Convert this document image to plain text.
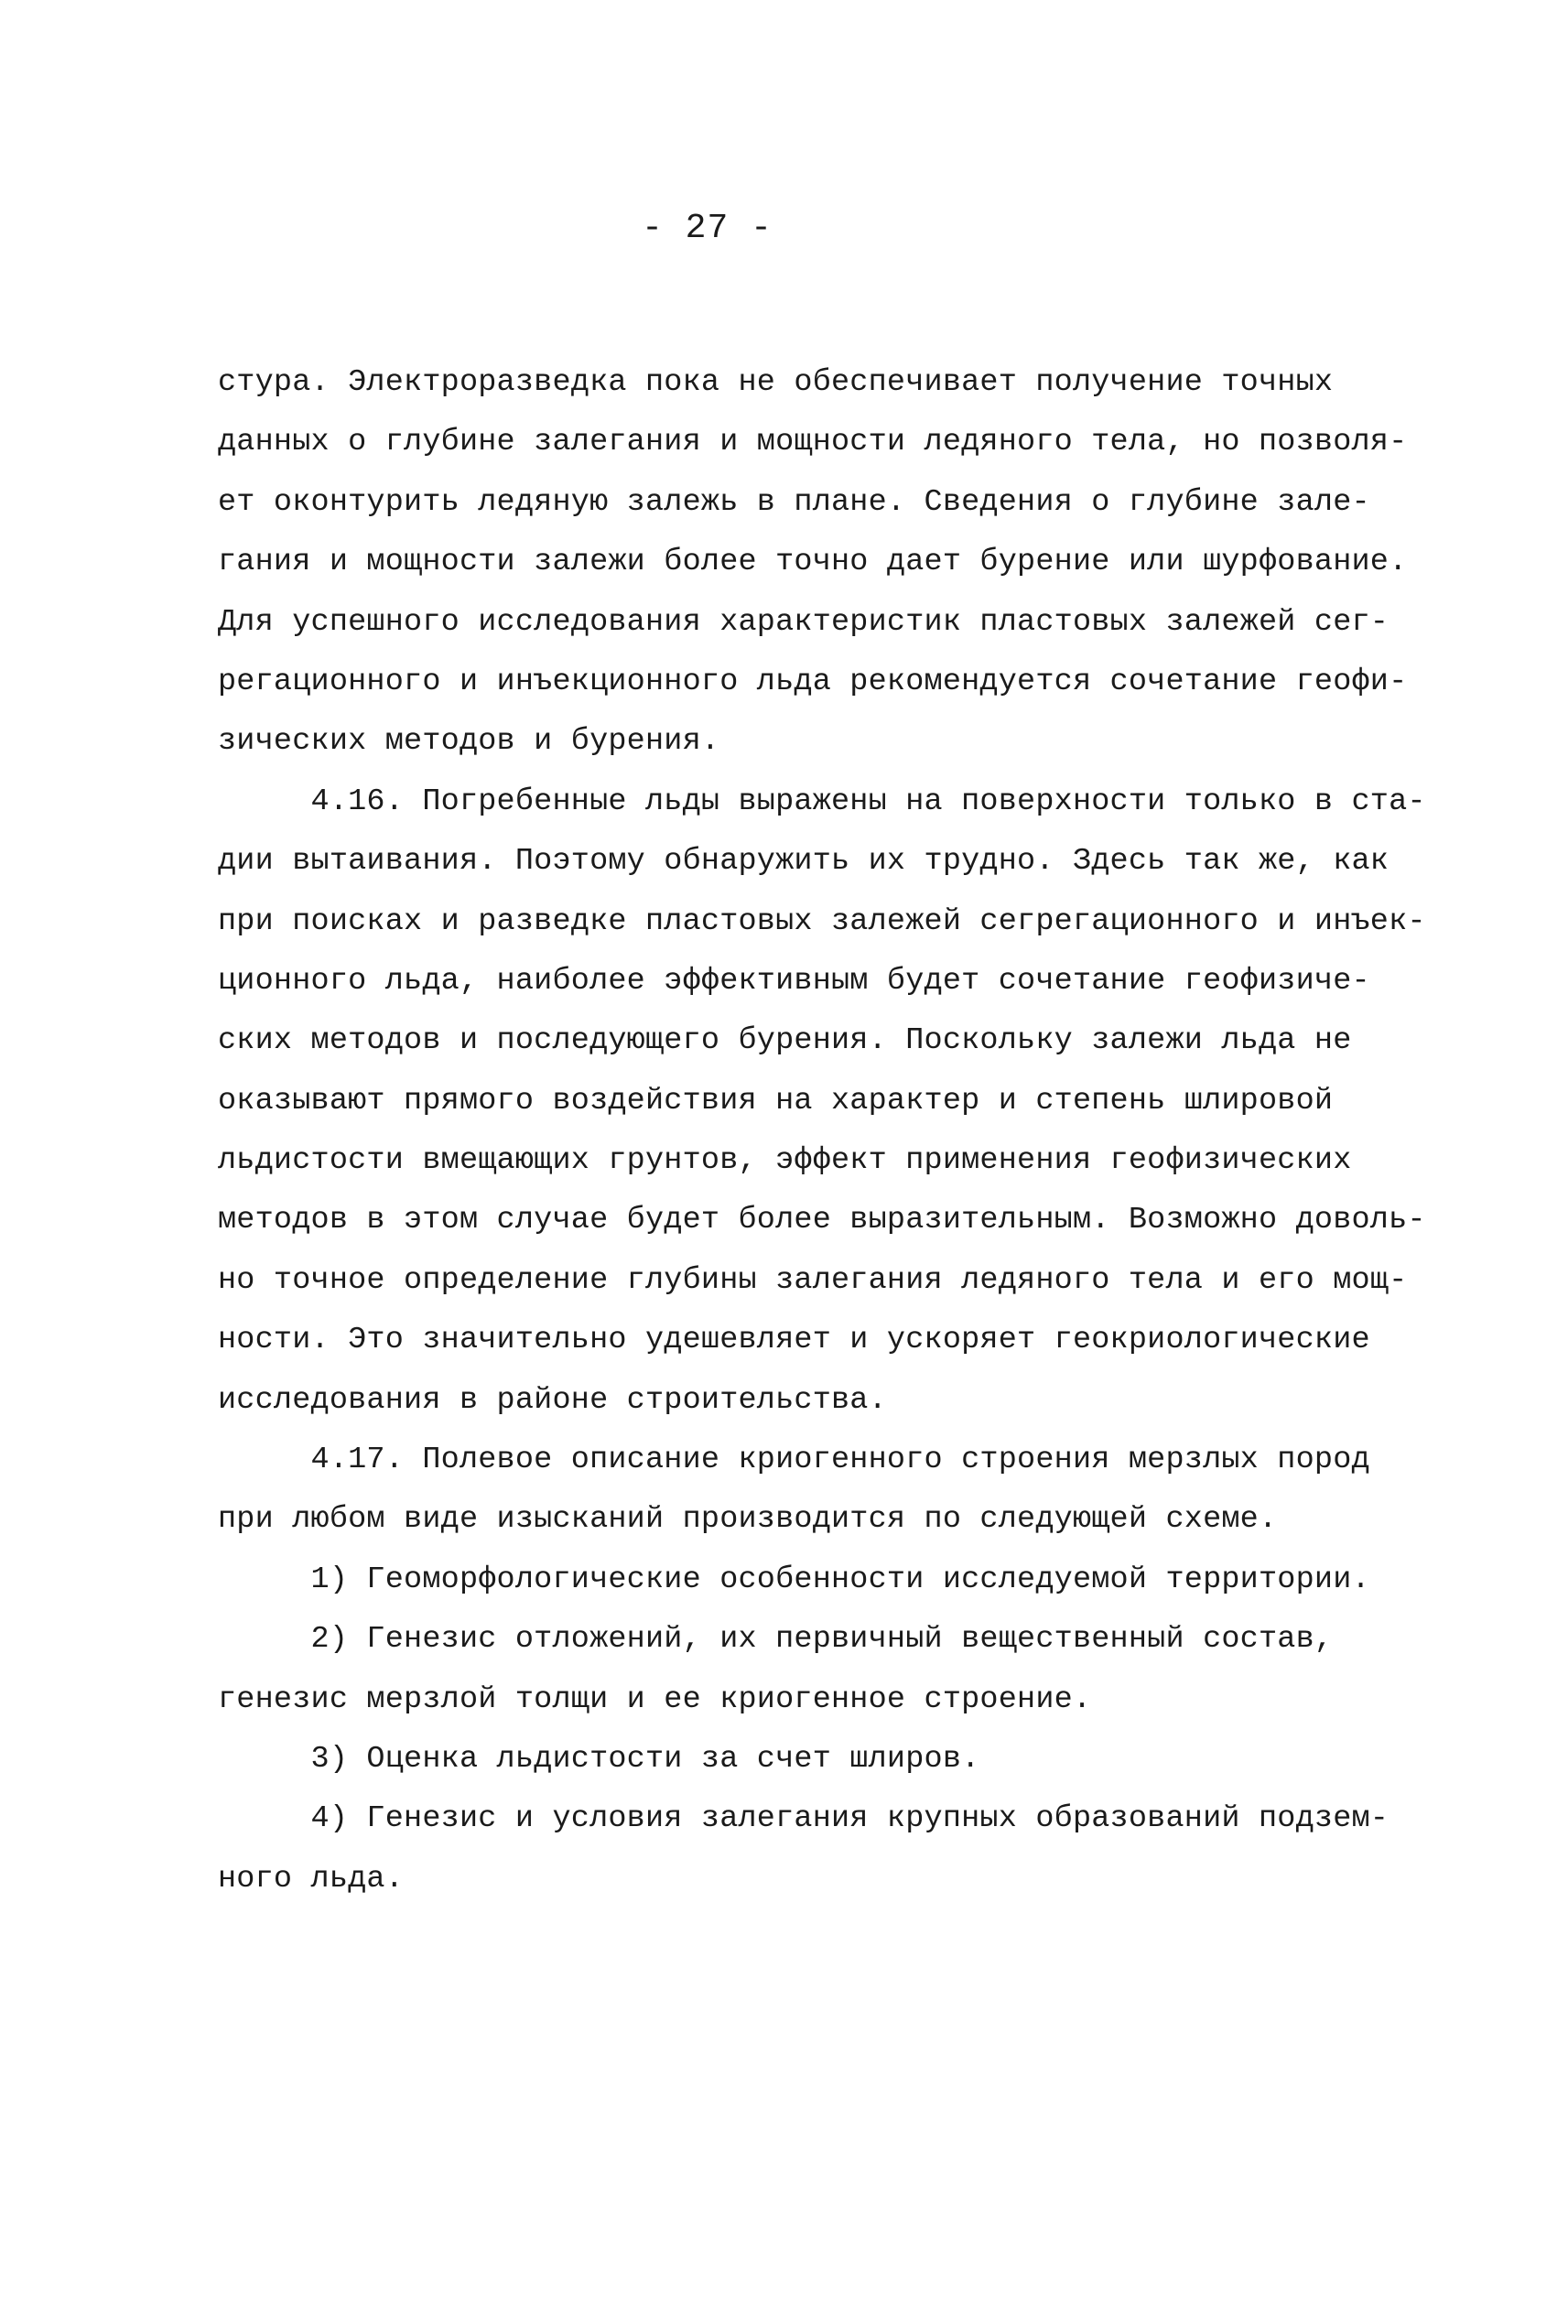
- 27 -
стура. Электроразведка пока не обеспечивает получение точных
данных о глубине залегания и мощности ледяного тела, но позволя-
ет оконтурить ледяную залежь в плане. Сведения о глубине зале-
гания и мощности залежи более точно дает бурение или шурфование.
Для успешного исследования характеристик пластовых залежей сег-
регационного и инъекционного льда рекомендуется сочетание геофи-
зических методов и бурения.
4.16. Погребенные льды выражены на поверхности только в ста-
дии вытаивания. Поэтому обнаружить их трудно. Здесь так же, как
при поисках и разведке пластовых залежей сегрегационного и инъек-
ционного льда, наиболее эффективным будет сочетание геофизиче-
ских методов и последующего бурения. Поскольку залежи льда не
оказывают прямого воздействия на характер и степень шлировой
льдистости вмещающих грунтов, эффект применения геофизических
методов в этом случае будет более выразительным. Возможно доволь-
но точное определение глубины залегания ледяного тела и его мощ-
ности. Это значительно удешевляет и ускоряет геокриологические
исследования в районе строительства.
4.17. Полевое описание криогенного строения мерзлых пород
при любом виде изысканий производится по следующей схеме.
1) Геоморфологические особенности исследуемой территории.
2) Генезис отложений, их первичный вещественный состав,
генезис мерзлой толщи и ее криогенное строение.
3) Оценка льдистости за счет шлиров.
4) Генезис и условия залегания крупных образований подзем-
ного льда.
